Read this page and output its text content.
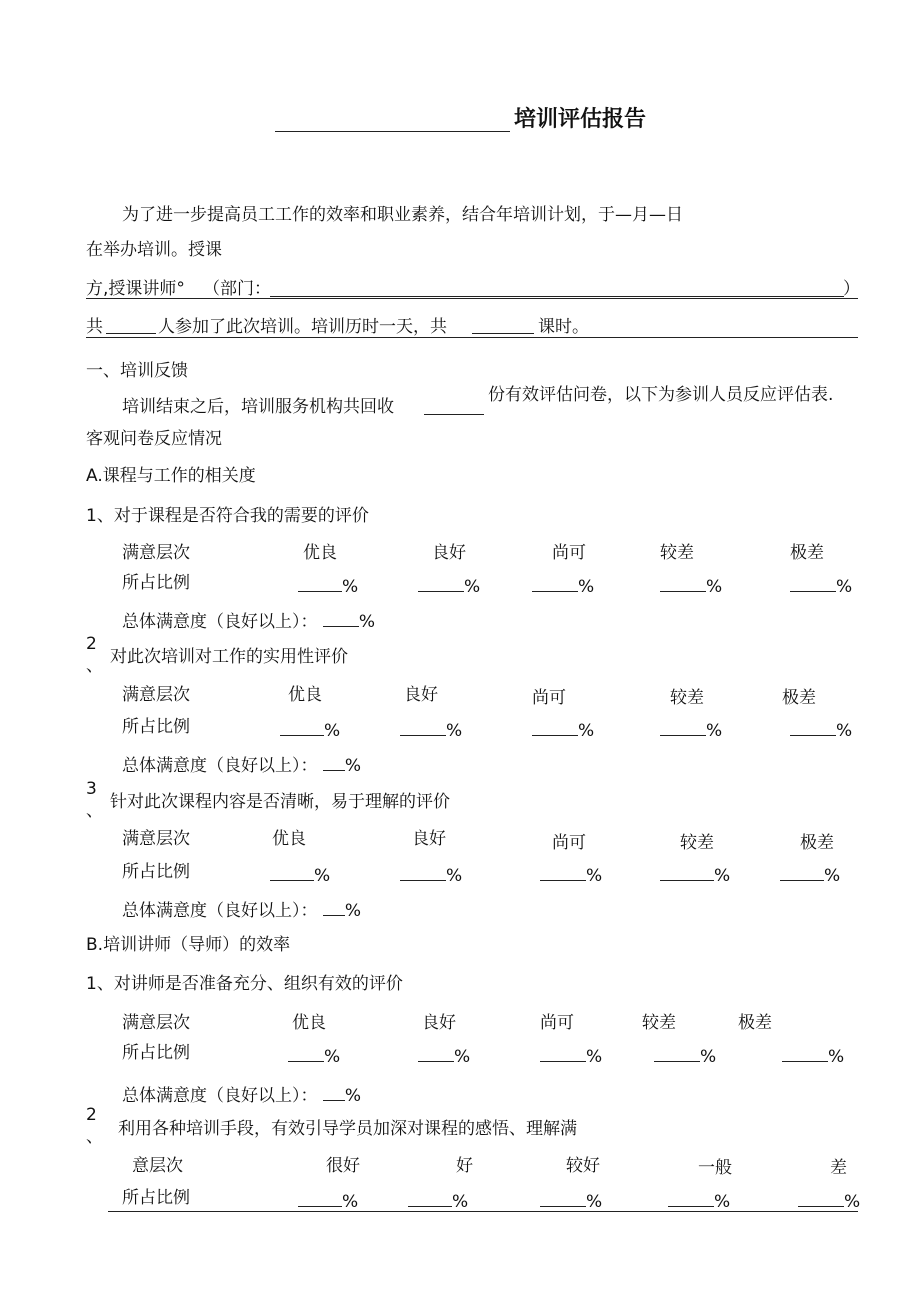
培训评估报告
为了进一步提高员工工作的效率和职业素养，结合年培训计划，于—月—日
在举办培训。授课
方,授课讲师° （部门：	）
共	人参加了此次培训。培训历时一天，共	课时。
一、培训反馈
培训结束之后，培训服务机构共回收
份有效评估问卷，以下为参训人员反应评估表.
客观问卷反应情况
A.课程与工作的相关度
1、对于课程是否符合我的需要的评价
满意层次	优良	良好	尚可	较差	极差
所占比例	%	%	%	%	%
总体满意度（良好以上）： %
2
、 对此次培训对工作的实用性评价
满意层次	优良	良好	尚可	较差	极差
所占比例	%	%	%	%	%
总体满意度（良好以上）： %
3
、 针对此次课程内容是否清晰，易于理解的评价
满意层次	优良	良好	尚可	较差	极差
所占比例	%	%	%	%	%
总体满意度（良好以上）： %
B.培训讲师（导师）的效率
1、对讲师是否准备充分、组织有效的评价
满意层次	优良	良好	尚可	较差	极差
所占比例	%	%	%	%	%
总体满意度（良好以上）： %
2
、 利用各种培训手段，有效引导学员加深对课程的感悟、理解满
意层次	很好	好	较好	一般	差
所占比例	%	%	%	%	%
